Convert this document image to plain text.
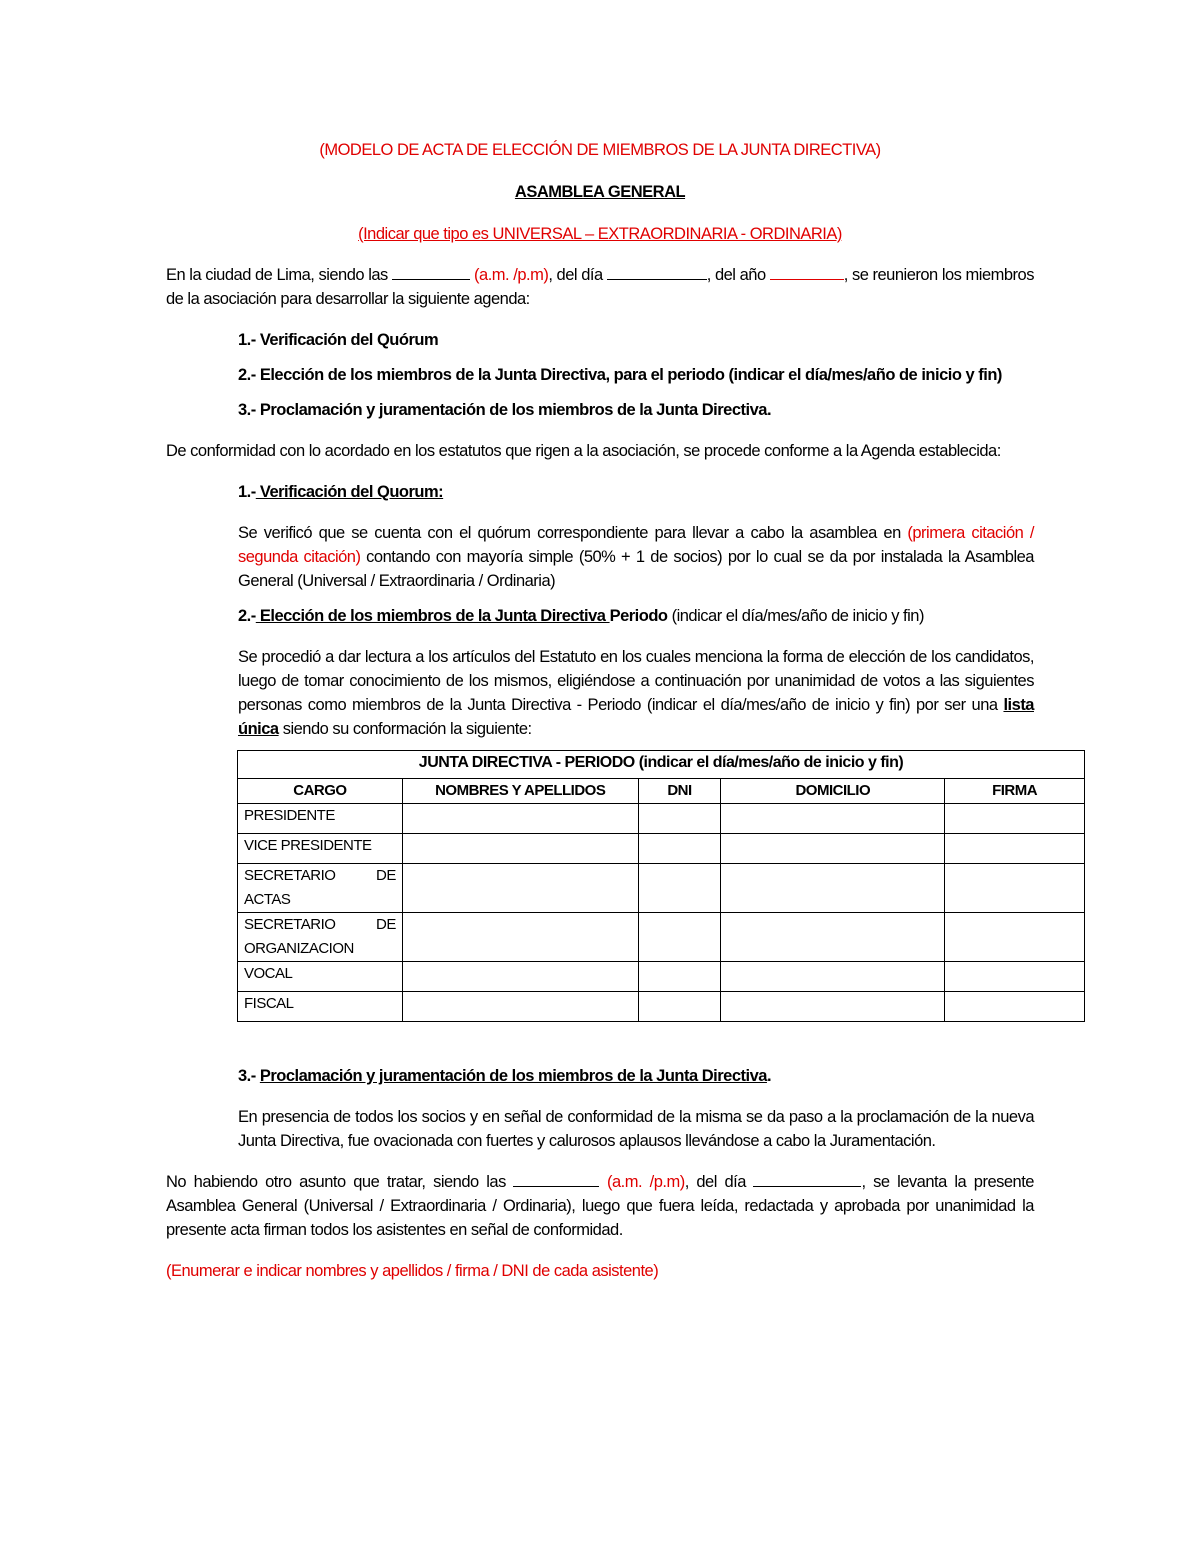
(MODELO DE ACTA DE ELECCIÓN DE MIEMBROS DE LA JUNTA DIRECTIVA)

ASAMBLEA GENERAL

(Indicar que tipo es UNIVERSAL – EXTRAORDINARIA - ORDINARIA)

En la ciudad de Lima, siendo las	(a.m. /p.m), del día	, del año	, se reunieron los miembros de la asociación para desarrollar la siguiente agenda:

1.- Verificación del Quórum

2.- Elección de los miembros de la Junta Directiva, para el periodo (indicar el día/mes/año de inicio y fin)

3.- Proclamación y juramentación de los miembros de la Junta Directiva.

De conformidad con lo acordado en los estatutos que rigen a la asociación, se procede conforme a la Agenda establecida:

1.- Verificación del Quorum:

Se verificó que se cuenta con el quórum correspondiente para llevar a cabo la asamblea en (primera citación / segunda citación) contando con mayoría simple (50% + 1 de socios) por lo cual se da por instalada la Asamblea General (Universal / Extraordinaria / Ordinaria)

2.- Elección de los miembros de la Junta Directiva Periodo (indicar el día/mes/año de inicio y fin)

Se procedió a dar lectura a los artículos del Estatuto en los cuales menciona la forma de elección de los candidatos, luego de tomar conocimiento de los mismos, eligiéndose a continuación por unanimidad de votos a las siguientes personas como miembros de la Junta Directiva - Periodo (indicar el día/mes/año de inicio y fin) por ser una lista única siendo su conformación la siguiente:

JUNTA DIRECTIVA - PERIODO (indicar el día/mes/año de inicio y fin)				
CARGO	NOMBRES Y APELLIDOS	DNI	DOMICILIO	FIRMA
PRESIDENTE				
VICE PRESIDENTE				
SECRETARIO DE ACTAS				
SECRETARIO DE ORGANIZACION				
VOCAL				
FISCAL				

3.- Proclamación y juramentación de los miembros de la Junta Directiva.

En presencia de todos los socios y en señal de conformidad de la misma se da paso a la proclamación de la nueva Junta Directiva, fue ovacionada con fuertes y calurosos aplausos llevándose a cabo la Juramentación.

No habiendo otro asunto que tratar, siendo las	(a.m. /p.m), del día	, se levanta la presente Asamblea General (Universal / Extraordinaria / Ordinaria), luego que fuera leída, redactada y aprobada por unanimidad la presente acta firman todos los asistentes en señal de conformidad.

(Enumerar e indicar nombres y apellidos / firma / DNI de cada asistente)
